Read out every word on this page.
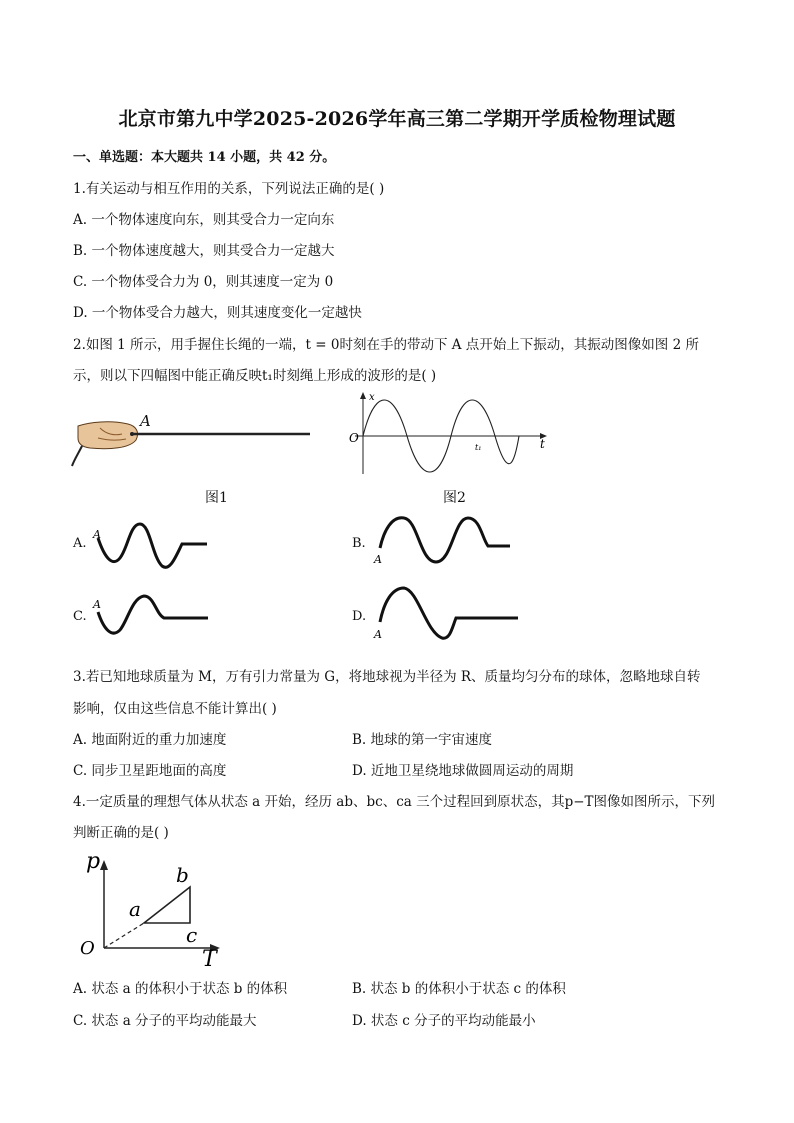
北京市第九中学2025-2026学年高三第二学期开学质检物理试题
一、单选题：本大题共 14 小题，共 42 分。
1.有关运动与相互作用的关系，下列说法正确的是( )
A. 一个物体速度向东，则其受合力一定向东
B. 一个物体速度越大，则其受合力一定越大
C. 一个物体受合力为 0，则其速度一定为 0
D. 一个物体受合力越大，则其速度变化一定越快
2.如图 1 所示，用手握住长绳的一端，t = 0时刻在手的带动下 A 点开始上下振动，其振动图像如图 2 所
示，则以下四幅图中能正确反映t₁时刻绳上形成的波形的是( )
A
x
t
O
t₁
图1	图2
A.
A
B.
A
C.
A
D.
A
3.若已知地球质量为 M，万有引力常量为 G，将地球视为半径为 R、质量均匀分布的球体，忽略地球自转
影响，仅由这些信息不能计算出( )
A. 地面附近的重力加速度	B. 地球的第一宇宙速度
C. 同步卫星距地面的高度	D. 近地卫星绕地球做圆周运动的周期
4.一定质量的理想气体从状态 a 开始，经历 ab、bc、ca 三个过程回到原状态，其p−T图像如图所示，下列
判断正确的是( )
p
T
O
a
b
c
A. 状态 a 的体积小于状态 b 的体积	B. 状态 b 的体积小于状态 c 的体积
C. 状态 a 分子的平均动能最大	D. 状态 c 分子的平均动能最小
